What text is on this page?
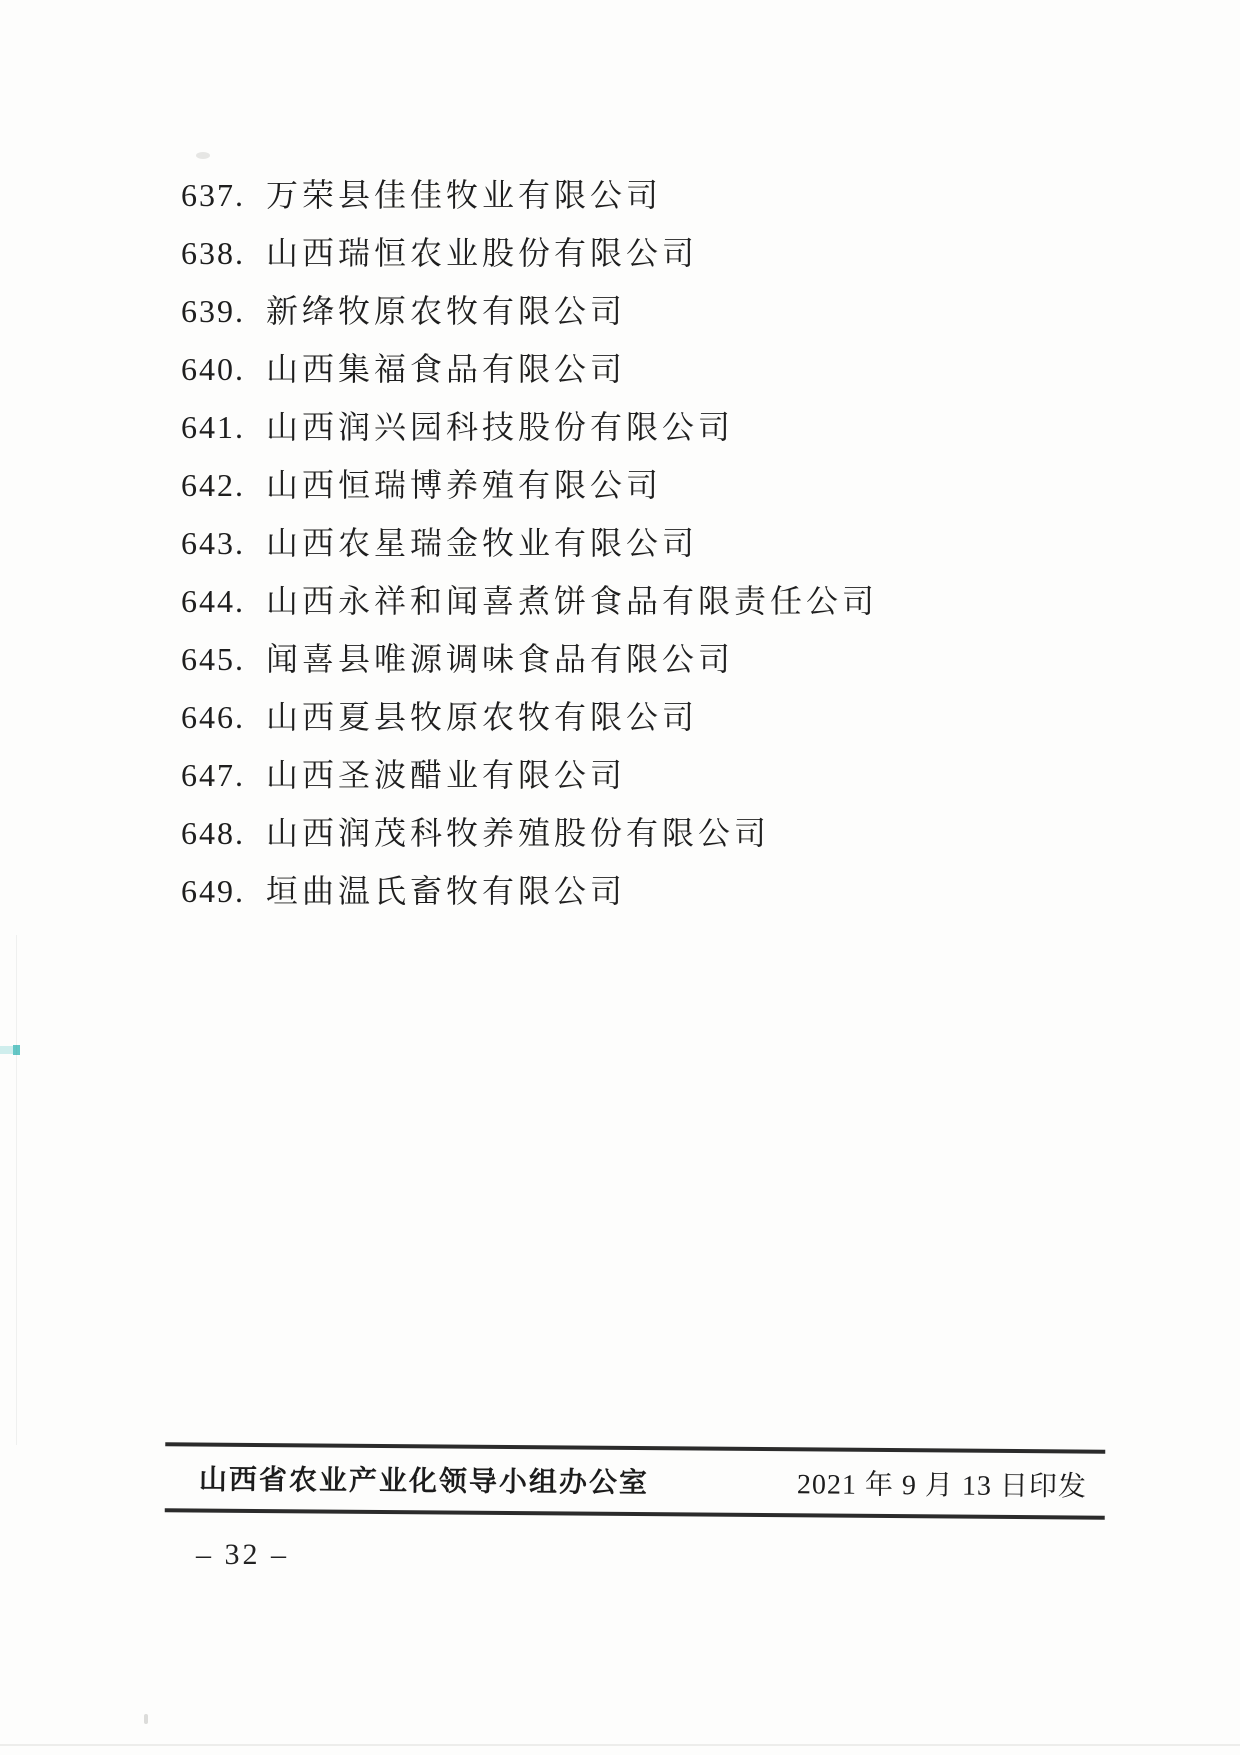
637. 万荣县佳佳牧业有限公司
638. 山西瑞恒农业股份有限公司
639. 新绛牧原农牧有限公司
640. 山西集福食品有限公司
641. 山西润兴园科技股份有限公司
642. 山西恒瑞博养殖有限公司
643. 山西农星瑞金牧业有限公司
644. 山西永祥和闻喜煮饼食品有限责任公司
645. 闻喜县唯源调味食品有限公司
646. 山西夏县牧原农牧有限公司
647. 山西圣波醋业有限公司
648. 山西润茂科牧养殖股份有限公司
649. 垣曲温氏畜牧有限公司
山西省农业产业化领导小组办公室	2021 年 9 月 13 日印发
– 32 –
